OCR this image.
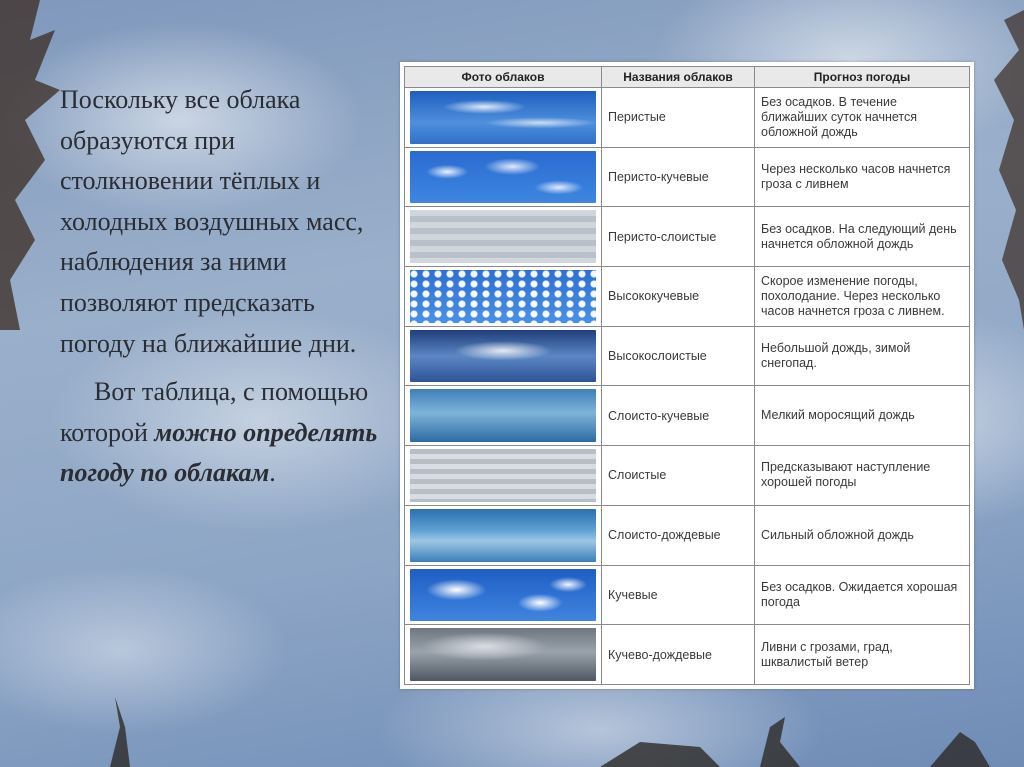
Поскольку все облака образуются при столкновении тёплых и холодных воздушных масс, наблюдения за ними позволяют предсказать погоду на ближайшие дни.

Вот таблица, с помощью которой можно определять погоду по облакам.

Фото облаков	Названия облаков	Прогноз погоды

	Перистые	Без осадков. В течение ближайших суток начнется обложной дождь

	Перисто-кучевые	Через несколько часов начнется гроза с ливнем

	Перисто-слоистые	Без осадков. На следующий день начнется обложной дождь

	Высококучевые	Скорое изменение погоды, похолодание. Через несколько часов начнется гроза с ливнем.

	Высокослоистые	Небольшой дождь, зимой снегопад.

	Слоисто-кучевые	Мелкий моросящий дождь

	Слоистые	Предсказывают наступление хорошей погоды

	Слоисто-дождевые	Сильный обложной дождь

	Кучевые	Без осадков. Ожидается хорошая погода

	Кучево-дождевые	Ливни с грозами, град, шквалистый ветер
